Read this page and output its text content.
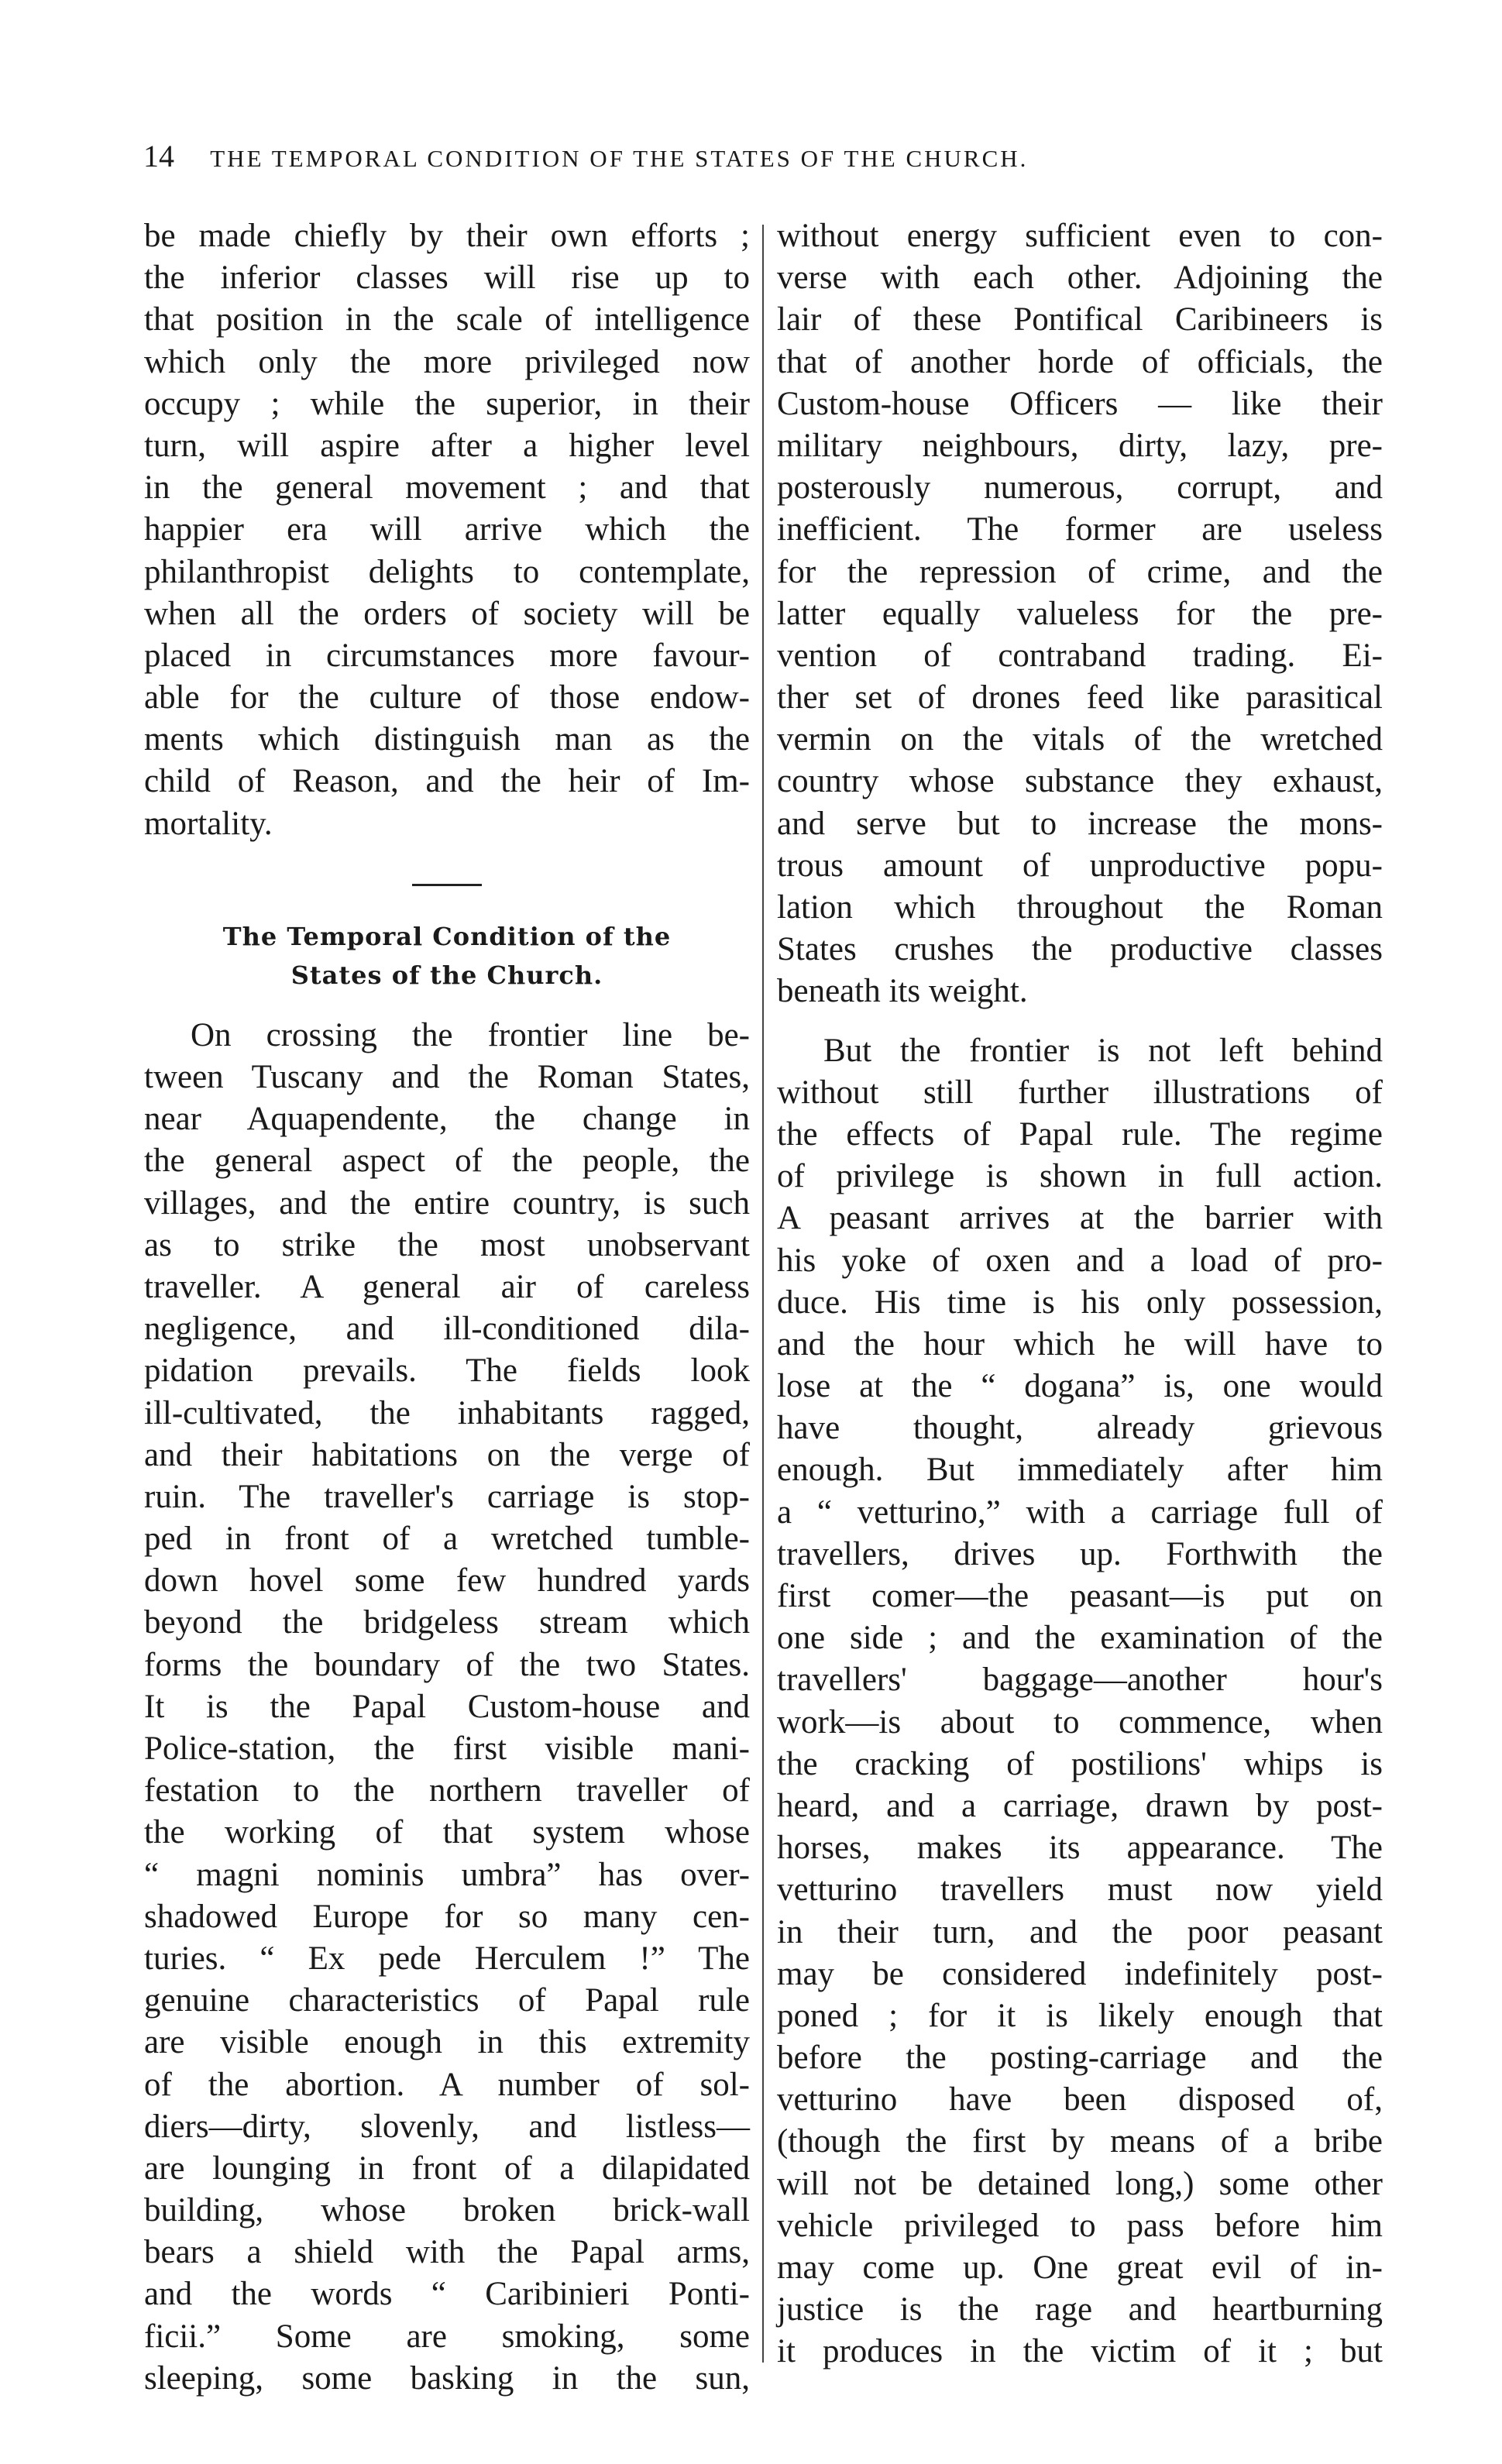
14 THE TEMPORAL CONDITION OF THE STATES OF THE CHURCH.
be made chiefly by their own efforts ;
the inferior classes will rise up to
that position in the scale of intelligence
which only the more privileged now
occupy ; while the superior, in their
turn, will aspire after a higher level
in the general movement ; and that
happier era will arrive which the
philanthropist delights to contemplate,
when all the orders of society will be
placed in circumstances more favour-
able for the culture of those endow-
ments which distinguish man as the
child of Reason, and the heir of Im-
mortality.
The Temporal Condition of the
States of the Church.
On crossing the frontier line be-
tween Tuscany and the Roman States,
near Aquapendente, the change in
the general aspect of the people, the
villages, and the entire country, is such
as to strike the most unobservant
traveller. A general air of careless
negligence, and ill-conditioned dila-
pidation prevails. The fields look
ill-cultivated, the inhabitants ragged,
and their habitations on the verge of
ruin. The traveller's carriage is stop-
ped in front of a wretched tumble-
down hovel some few hundred yards
beyond the bridgeless stream which
forms the boundary of the two States.
It is the Papal Custom-house and
Police-station, the first visible mani-
festation to the northern traveller of
the working of that system whose
“ magni nominis umbra” has over-
shadowed Europe for so many cen-
turies. “ Ex pede Herculem !” The
genuine characteristics of Papal rule
are visible enough in this extremity
of the abortion. A number of sol-
diers—dirty, slovenly, and listless—
are lounging in front of a dilapidated
building, whose broken brick-wall
bears a shield with the Papal arms,
and the words “ Caribinieri Ponti-
ficii.” Some are smoking, some
sleeping, some basking in the sun,
without energy sufficient even to con-
verse with each other. Adjoining the
lair of these Pontifical Caribineers is
that of another horde of officials, the
Custom-house Officers — like their
military neighbours, dirty, lazy, pre-
posterously numerous, corrupt, and
inefficient. The former are useless
for the repression of crime, and the
latter equally valueless for the pre-
vention of contraband trading. Ei-
ther set of drones feed like parasitical
vermin on the vitals of the wretched
country whose substance they exhaust,
and serve but to increase the mons-
trous amount of unproductive popu-
lation which throughout the Roman
States crushes the productive classes
beneath its weight.
But the frontier is not left behind
without still further illustrations of
the effects of Papal rule. The regime
of privilege is shown in full action.
A peasant arrives at the barrier with
his yoke of oxen and a load of pro-
duce. His time is his only possession,
and the hour which he will have to
lose at the “ dogana” is, one would
have thought, already grievous
enough. But immediately after him
a “ vetturino,” with a carriage full of
travellers, drives up. Forthwith the
first comer—the peasant—is put on
one side ; and the examination of the
travellers' baggage—another hour's
work—is about to commence, when
the cracking of postilions' whips is
heard, and a carriage, drawn by post-
horses, makes its appearance. The
vetturino travellers must now yield
in their turn, and the poor peasant
may be considered indefinitely post-
poned ; for it is likely enough that
before the posting-carriage and the
vetturino have been disposed of,
(though the first by means of a bribe
will not be detained long,) some other
vehicle privileged to pass before him
may come up. One great evil of in-
justice is the rage and heartburning
it produces in the victim of it ; but
